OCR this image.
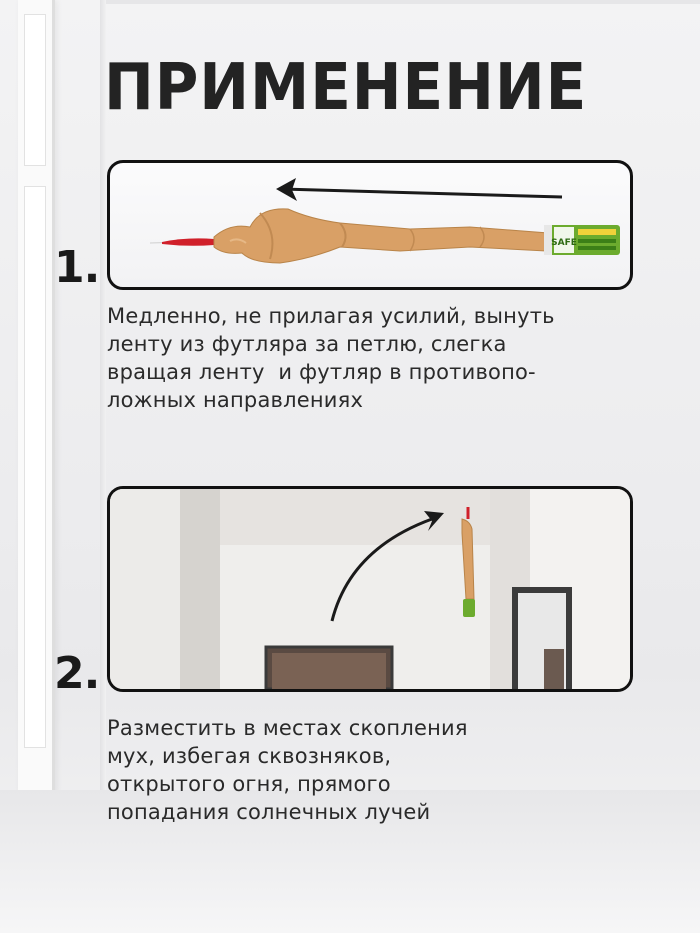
ПРИМЕНЕНИЕ
SAFE
1.

Медленно, не прилагая усилий, вынуть
ленту из футляра за петлю, слегка
вращая ленту  и футляр в противопо-
ложных направлениях

2.

Разместить в местах скопления
мух, избегая сквозняков,
открытого огня, прямого
попадания солнечных лучей
